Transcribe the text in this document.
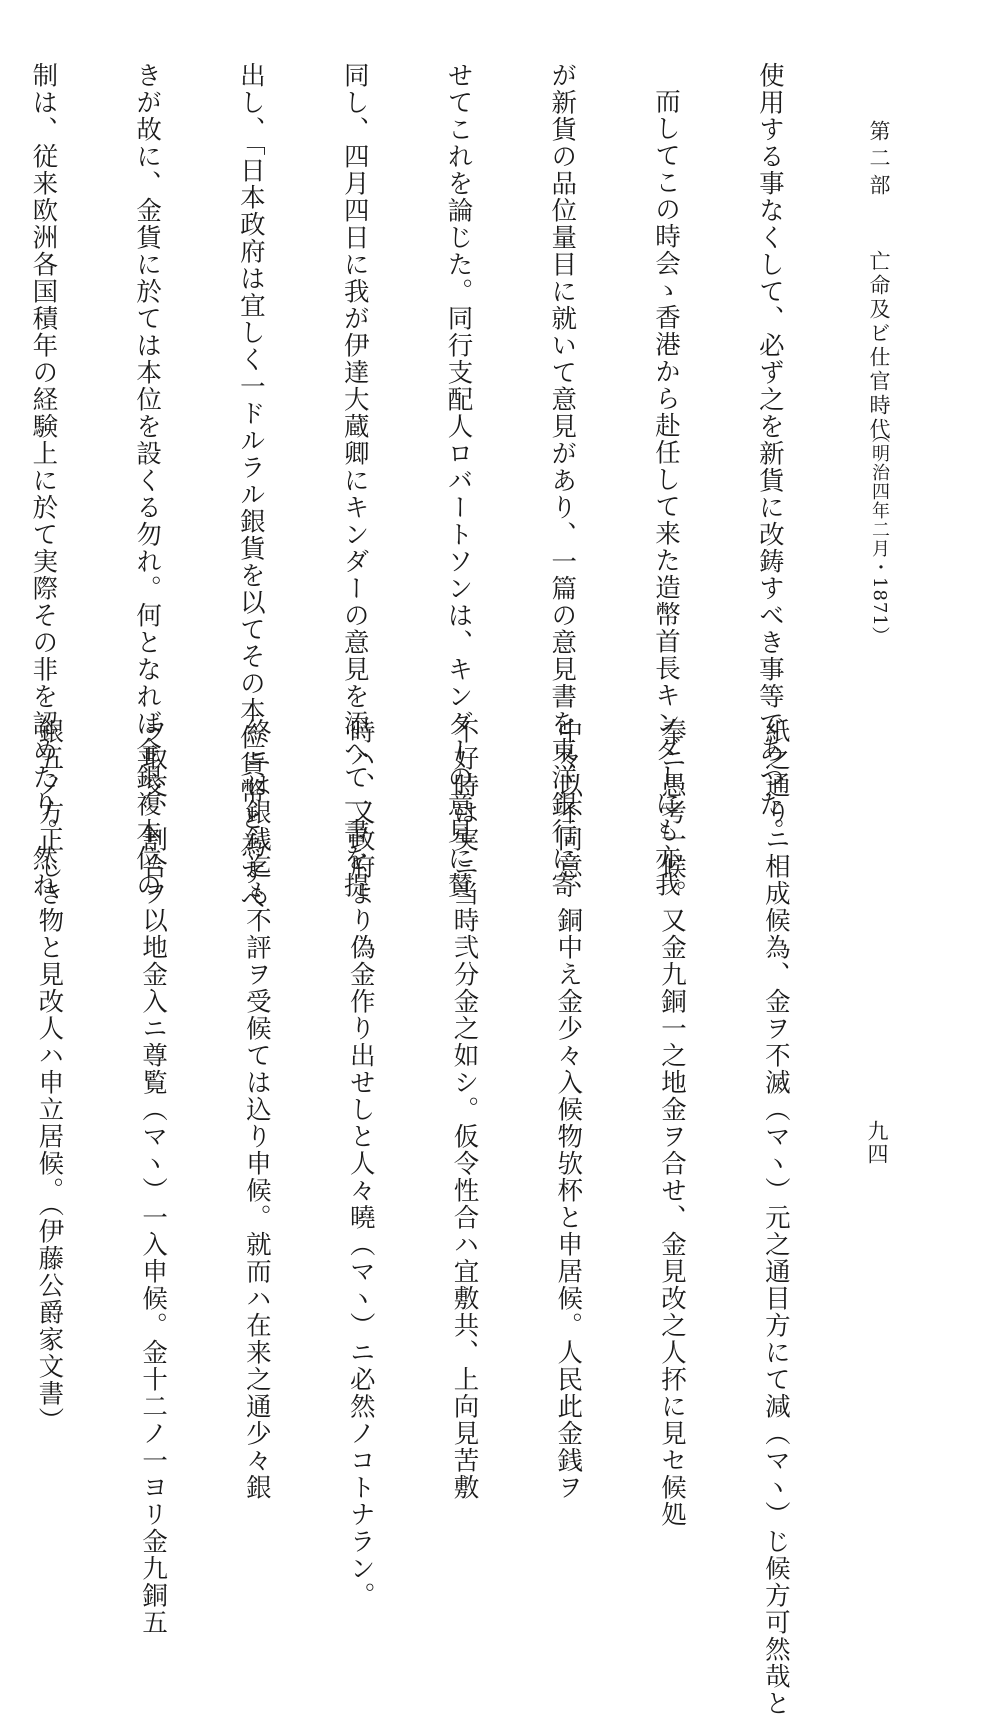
第二部
亡命及ビ仕官時代
（明治四年二月・1871）
九四

使用する事なくして、必ず之を新貨に改鋳すべき事等であつた。

而してこの時会ゝ香港から赴任して来た造幣首長キンダーにも亦我

が新貨の品位量目に就いて意見があり、一篇の意見書を東洋銀行に寄

せてこれを論じた。同行支配人ロバートソンは、キンダーの意見に賛

同し、四月四日に我が伊達大蔵卿にキンダーの意見を添へて一書を提

出し、「日本政府は宜しく一ドルラル銀貨を以てその本位貨幣と為すべ

きが故に、金貨に於ては本位を設くる勿れ。何となれば金銀複本位の

制は、従来欧洲各国積年の経験上に於て実際その非を認めたり。然れ

紙之通りニ相成候為、金ヲ不滅（マヽ）元之通目方にて減（マヽ）じ候方可然哉と

奉ニ愚考一候。又金九銅一之地金ヲ合せ、金見改之人抔に見セ候処

中々以不同意、銅中え金少々入候物欤杯と申居候。人民此金銭ヲ

不好時は実ニ当時弐分金之如シ。仮令性合ハ宜敷共、上向見苦敷

時ハ、又政府より偽金作り出せしと人々曉（マヽ）ニ必然ノコトナラン。

終ニは銀銭迄も不評ヲ受候ては込り申候。就而ハ在来之通少々銀

ヲ取交、割合ヲ以地金入ニ尊覧（マヽ）一入申候。金十二ノ一ヨリ金九銅五

銀五ノ方正しき物と見改人ハ申立居候。（伊藤公爵家文書）
